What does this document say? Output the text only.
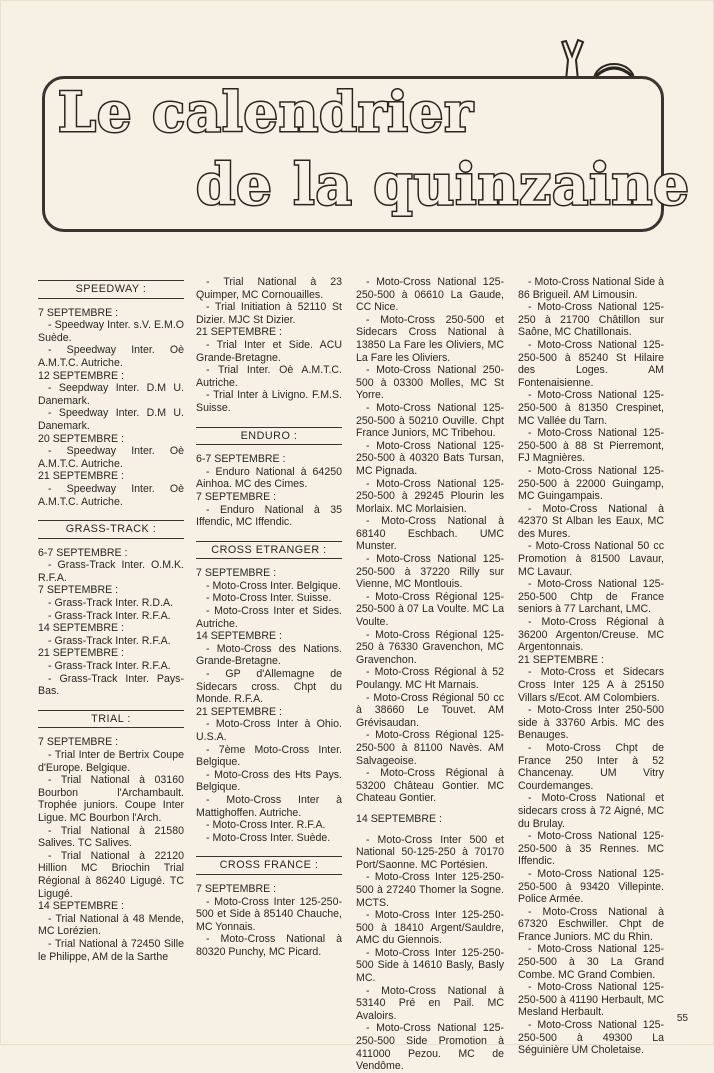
Le calendrier
de la quinzaine
SPEEDWAY :

7 SEPTEMBRE :

- Speedway Inter. s.V. E.M.O Suède.

- Speedway Inter. Oè A.M.T.C. Autriche.

12 SEPTEMBRE :

- Seepdway Inter. D.M U. Danemark.

- Speedway Inter. D.M U. Danemark.

20 SEPTEMBRE :

- Speedway Inter. Oè A.M.T.C. Autriche.

21 SEPTEMBRE :

- Speedway Inter. Oè A.M.T.C. Autriche.

GRASS-TRACK :

6-7 SEPTEMBRE :

- Grass-Track Inter. O.M.K. R.F.A.

7 SEPTEMBRE :

- Grass-Track Inter. R.D.A.

- Grass-Track Inter. R.F.A.

14 SEPTEMBRE :

- Grass-Track Inter. R.F.A.

21 SEPTEMBRE :

- Grass-Track Inter. R.F.A.

- Grass-Track Inter. Pays-Bas.

TRIAL :

7 SEPTEMBRE :

- Trial Inter de Bertrix Coupe d'Europe. Belgique.

- Trial National à 03160 Bourbon l'Archambault. Trophée juniors. Coupe Inter Ligue. MC Bourbon l'Arch.

- Trial National à 21580 Salives. TC Salives.

- Trial National à 22120 Hillion MC Briochin Trial Régional à 86240 Ligugé. TC Ligugé.

14 SEPTEMBRE :

- Trial National à 48 Mende, MC Lorézien.

- Trial National à 72450 Sille le Philippe, AM de la Sarthe

- Trial National à 23 Quimper, MC Cornouailles.

- Trial Initiation à 52110 St Dizier. MJC St Dizier.

21 SEPTEMBRE :

- Trial Inter et Side. ACU Grande-Bretagne.

- Trial Inter. Oè A.M.T.C. Autriche.

- Trial Inter à Livigno. F.M.S. Suisse.

ENDURO :

6-7 SEPTEMBRE :

- Enduro National à 64250 Ainhoa. MC des Cimes.

7 SEPTEMBRE :

- Enduro National à 35 Iffendic, MC Iffendic.

CROSS ETRANGER :

7 SEPTEMBRE :

- Moto-Cross Inter. Belgique.

- Moto-Cross Inter. Suisse.

- Moto-Cross Inter et Sides. Autriche.

14 SEPTEMBRE :

- Moto-Cross des Nations. Grande-Bretagne.

- GP d'Allemagne de Sidecars cross. Chpt du Monde. R.F.A.

21 SEPTEMBRE :

- Moto-Cross Inter à Ohio. U.S.A.

- 7ème Moto-Cross Inter. Belgique.

- Moto-Cross des Hts Pays. Belgique.

- Moto-Cross Inter à Mattighoffen. Autriche.

- Moto-Cross Inter. R.F.A.

- Moto-Cross Inter. Suède.

CROSS FRANCE :

7 SEPTEMBRE :

- Moto-Cross Inter 125-250-500 et Side à 85140 Chauche, MC Yonnais.

- Moto-Cross National à 80320 Punchy, MC Picard.

- Moto-Cross National 125-250-500 à 06610 La Gaude, CC Nice.

- Moto-Cross 250-500 et Sidecars Cross National à 13850 La Fare les Oliviers, MC La Fare les Oliviers.

- Moto-Cross National 250-500 à 03300 Molles, MC St Yorre.

- Moto-Cross National 125-250-500 à 50210 Ouville. Chpt France Juniors, MC Tribehou.

- Moto-Cross National 125-250-500 à 40320 Bats Tursan, MC Pignada.

- Moto-Cross National 125-250-500 à 29245 Plourin les Morlaix. MC Morlaisien.

- Moto-Cross National à 68140 Eschbach. UMC Munster.

- Moto-Cross National 125-250-500 à 37220 Rilly sur Vienne, MC Montlouis.

- Moto-Cross Régional 125-250-500 à 07 La Voulte. MC La Voulte.

- Moto-Cross Régional 125-250 à 76330 Gravenchon, MC Gravenchon.

- Moto-Cross Régional à 52 Poulangy. MC Ht Marnais.

- Moto-Cross Régional 50 cc à 38660 Le Touvet. AM Grévisaudan.

- Moto-Cross Régional 125-250-500 à 81100 Navès. AM Salvageoise.

- Moto-Cross Régional à 53200 Château Gontier. MC Chateau Gontier.

14 SEPTEMBRE :

- Moto-Cross Inter 500 et National 50-125-250 à 70170 Port/Saonne. MC Portésien.

- Moto-Cross Inter 125-250-500 à 27240 Thomer la Sogne. MCTS.

- Moto-Cross Inter 125-250-500 à 18410 Argent/Sauldre, AMC du Giennois.

- Moto-Cross Inter 125-250-500 Side à 14610 Basly, Basly MC.

- Moto-Cross National à 53140 Pré en Pail. MC Avaloirs.

- Moto-Cross National 125-250-500 Side Promotion à 411000 Pezou. MC de Vendôme.

- Moto-Cross National Side à 86 Brigueil. AM Limousin.

- Moto-Cross National 125-250 à 21700 Châtillon sur Saône, MC Chatillonais.

- Moto-Cross National 125-250-500 à 85240 St Hilaire des Loges. AM Fontenaisienne.

- Moto-Cross National 125-250-500 à 81350 Crespinet, MC Vallée du Tarn.

- Moto-Cross National 125-250-500 à 88 St Pierremont, FJ Magnières.

- Moto-Cross National 125-250-500 à 22000 Guingamp, MC Guingampais.

- Moto-Cross National à 42370 St Alban les Eaux, MC des Mures.

- Moto-Cross National 50 cc Promotion à 81500 Lavaur, MC Lavaur.

- Moto-Cross National 125-250-500 Chtp de France seniors à 77 Larchant, LMC.

- Moto-Cross Régional à 36200 Argenton/Creuse. MC Argentonnais.

21 SEPTEMBRE :

- Moto-Cross et Sidecars Cross Inter 125 A à 25150 Villars s/Ecot. AM Colombiers.

- Moto-Cross Inter 250-500 side à 33760 Arbis. MC des Benauges.

- Moto-Cross Chpt de France 250 Inter à 52 Chancenay. UM Vitry Courdemanges.

- Moto-Cross National et sidecars cross à 72 Aigné, MC du Brulay.

- Moto-Cross National 125-250-500 à 35 Rennes. MC Iffendic.

- Moto-Cross National 125-250-500 à 93420 Villepinte. Police Armée.

- Moto-Cross National à 67320 Eschwiller. Chpt de France Juniors. MC du Rhin.

- Moto-Cross National 125-250-500 à 30 La Grand Combe. MC Grand Combien.

- Moto-Cross National 125-250-500 à 41190 Herbault, MC Mesland Herbault.

- Moto-Cross National 125-250-500 à 49300 La Séguinière UM Choletaise.

55
